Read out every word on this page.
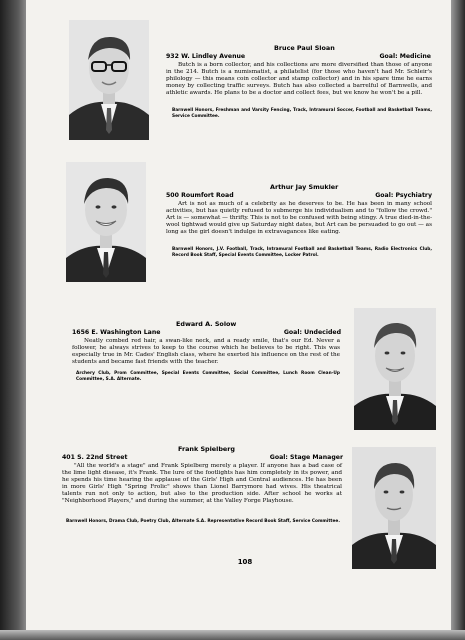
Bruce Paul Sloan
932 W. Lindley Avenue	Goal: Medicine

Butch is a born collector, and his collections are more diversified than those of anyone in the 214. Butch is a numismatist, a philatelist (for those who haven't had Mr. Schleir's philology — this means coin collector and stamp collector) and in his spare time he earns money by collecting traffic surveys. Butch has also collected a barrelful of Barnwells, and athletic awards. He plans to be a doctor and collect fees, but we know he won't be a pill.

Barnwell Honors, Freshman and Varsity Fencing, Track, Intramural Soccer, Football and Basketball Teams, Service Committee.

Arthur Jay Smukler
500 Roumfort Road	Goal: Psychiatry

Art is not as much of a celebrity as he deserves to be. He has been in many school activities, but has quietly refused to submerge his individualism and to "follow the crowd." Art is — somewhat — thrifty. This is not to be confused with being stingy. A true died-in-the-wool tightwad would give up Saturday night dates, but Art can be persuaded to go out — as long as the girl doesn't indulge in extravagances like eating.

Barnwell Honors, J.V. Football, Track, Intramural Football and Basketball Teams, Radio Electronics Club, Record Book Staff, Special Events Committee, Locker Patrol.

Edward A. Solow
1656 E. Washington Lane	Goal: Undecided

Neatly combed red hair, a swan-like neck, and a ready smile, that's our Ed. Never a follower, he always strives to keep to the course which he believes to be right. This was especially true in Mr. Cades' English class, where he exerted his influence on the rest of the students and became fast friends with the teacher.

Archery Club, Prom Committee, Special Events Committee, Social Committee, Lunch Room Clean-Up Committee, S.A. Alternate.

Frank Spielberg
401 S. 22nd Street	Goal: Stage Manager

"All the world's a stage" and Frank Spielberg merely a player. If anyone has a bad case of the lime light disease, it's Frank. The lure of the footlights has him completely in its power, and he spends his time hearing the applause of the Girls' High and Central audiences. He has been in more Girls' High "Spring Frolic" shows than Lionel Barrymore had wives. His theatrical talents run not only to action, but also to the production side. After school he works at "Neighborhood Players," and during the summer, at the Valley Forge Playhouse.

Barnwell Honors, Drama Club, Poetry Club, Alternate S.A. Representative Record Book Staff, Service Committee.

108
